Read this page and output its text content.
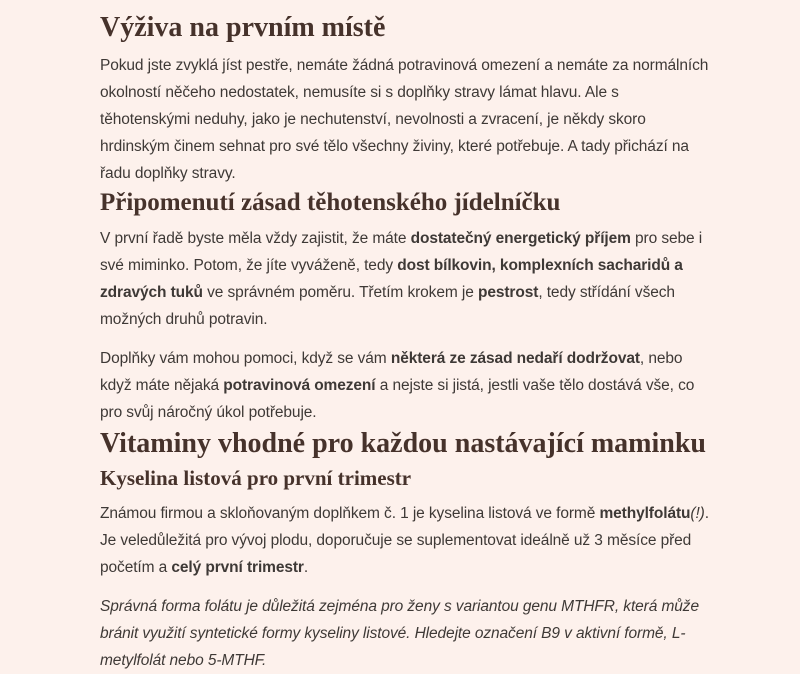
Výživa na prvním místě

Pokud jste zvyklá jíst pestře, nemáte žádná potravinová omezení a nemáte za normálních okolností něčeho nedostatek, nemusíte si s doplňky stravy lámat hlavu. Ale s těhotenskými neduhy, jako je nechutenství, nevolnosti a zvracení, je někdy skoro hrdinským činem sehnat pro své tělo všechny živiny, které potřebuje. A tady přichází na řadu doplňky stravy.

Připomenutí zásad těhotenského jídelníčku

V první řadě byste měla vždy zajistit, že máte dostatečný energetický příjem pro sebe i své miminko. Potom, že jíte vyváženě, tedy dost bílkovin, komplexních sacharidů a zdravých tuků ve správném poměru. Třetím krokem je pestrost, tedy střídání všech možných druhů potravin.

Doplňky vám mohou pomoci, když se vám některá ze zásad nedaří dodržovat, nebo když máte nějaká potravinová omezení a nejste si jistá, jestli vaše tělo dostává vše, co pro svůj náročný úkol potřebuje.

Vitaminy vhodné pro každou nastávající maminku
Kyselina listová pro první trimestr

Známou firmou a skloňovaným doplňkem č. 1 je kyselina listová ve formě methylfolátu(!). Je veledůležitá pro vývoj plodu, doporučuje se suplementovat ideálně už 3 měsíce před početím a celý první trimestr.

Správná forma folátu je důležitá zejména pro ženy s variantou genu MTHFR, která může bránit využití syntetické formy kyseliny listové. Hledejte označení B9 v aktivní formě, L-metylfolát nebo 5-MTHF.
